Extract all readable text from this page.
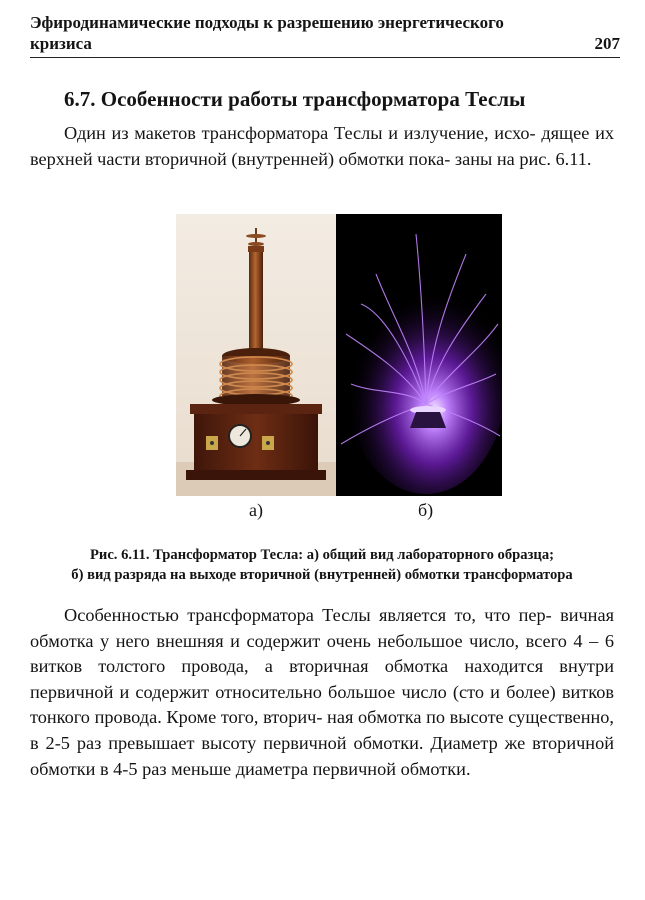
Эфиродинамические подходы к разрешению энергетического
кризиса	207
6.7. Особенности работы трансформатора Теслы

Один из макетов трансформатора Теслы и излучение, исхо- дящее их верхней части вторичной (внутренней) обмотки пока- заны на рис. 6.11.

а)	б)

Рис. 6.11. Трансформатор Тесла: а) общий вид лабораторного образца;
б) вид разряда на выходе вторичной (внутренней) обмотки трансформатора

Особенностью трансформатора Теслы является то, что пер- вичная обмотка у него внешняя и содержит очень небольшое число, всего 4 – 6 витков толстого провода, а вторичная обмотка находится внутри первичной и содержит относительно большое число (сто и более) витков тонкого провода. Кроме того, вторич- ная обмотка по высоте существенно, в 2-5 раз превышает высоту первичной обмотки. Диаметр же вторичной обмотки в 4-5 раз меньше диаметра первичной обмотки.
